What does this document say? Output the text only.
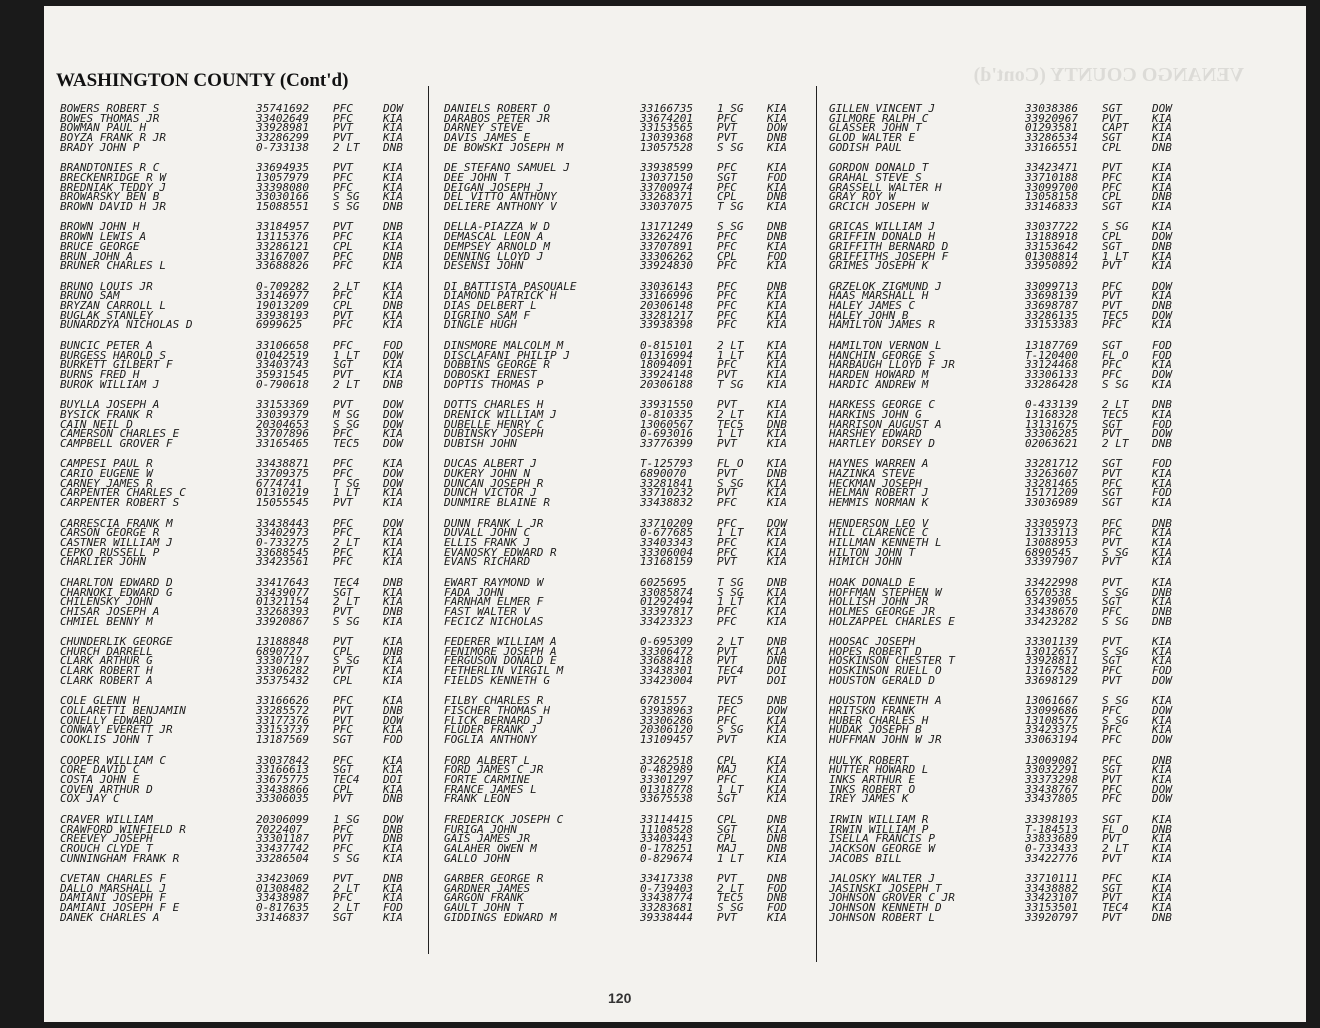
VENANGO COUNTY (Cont'd)
WASHINGTON COUNTY (Cont'd)
BOWERS ROBERT S	35741692	PFC	DOW
BOWES THOMAS JR	33402649	PFC	KIA
BOWMAN PAUL H	33928981	PVT	KIA
BOYZA FRANK R JR	33286299	PVT	KIA
BRADY JOHN P	0-733138	2 LT	DNB
BRANDTONIES R C	33694935	PVT	KIA
BRECKENRIDGE R W	13057979	PFC	KIA
BREDNIAK TEDDY J	33398080	PFC	KIA
BROWARSKY BEN B	33030166	S SG	KIA
BROWN DAVID H JR	15088551	S SG	DNB
BROWN JOHN H	33184957	PVT	DNB
BROWN LEWIS A	13115376	PFC	KIA
BRUCE GEORGE	33286121	CPL	KIA
BRUN JOHN A	33167007	PFC	DNB
BRUNER CHARLES L	33688826	PFC	KIA
BRUNO LOUIS JR	0-709282	2 LT	KIA
BRUNO SAM	33146977	PFC	KIA
BRYZAN CARROLL L	19013209	CPL	DNB
BUGLAK STANLEY	33938193	PVT	KIA
BUNARDZYA NICHOLAS D	6999625	PFC	KIA
BUNCIC PETER A	33106658	PFC	FOD
BURGESS HAROLD S	01042519	1 LT	DOW
BURKETT GILBERT F	33403743	SGT	KIA
BURNS FRED H	35931545	PVT	KIA
BUROK WILLIAM J	0-790618	2 LT	DNB
BUYLLA JOSEPH A	33153369	PVT	DOW
BYSICK FRANK R	33039379	M SG	DOW
CAIN NEIL D	20304653	S SG	DOW
CAMERSON CHARLES E	33707896	PFC	KIA
CAMPBELL GROVER F	33165465	TEC5	DOW
CAMPESI PAUL R	33438871	PFC	KIA
CARIO EUGENE W	33709375	PFC	DOW
CARNEY JAMES R	6774741	T SG	DOW
CARPENTER CHARLES C	01310219	1 LT	KIA
CARPENTER ROBERT S	15055545	PVT	KIA
CARRESCIA FRANK M	33438443	PFC	DOW
CARSON GEORGE R	33402973	PFC	KIA
CASTNER WILLIAM J	0-733275	2 LT	KIA
CEPKO RUSSELL P	33688545	PFC	KIA
CHARLIER JOHN	33423561	PFC	KIA
CHARLTON EDWARD D	33417643	TEC4	DNB
CHARNOKI EDWARD G	33439077	SGT	KIA
CHILENSKY JOHN	01321154	2 LT	KIA
CHISAR JOSEPH A	33268393	PVT	DNB
CHMIEL BENNY M	33920867	S SG	KIA
CHUNDERLIK GEORGE	13188848	PVT	KIA
CHURCH DARRELL	6890727	CPL	DNB
CLARK ARTHUR G	33307197	S SG	KIA
CLARK ROBERT H	33306282	PVT	KIA
CLARK ROBERT A	35375432	CPL	KIA
COLE GLENN H	33166626	PFC	KIA
COLLARETTI BENJAMIN	33285572	PVT	DNB
CONELLY EDWARD	33177376	PVT	DOW
CONWAY EVERETT JR	33153737	PFC	KIA
COOKLIS JOHN T	13187569	SGT	FOD
COOPER WILLIAM C	33037842	PFC	KIA
CORE DAVID C	33166613	SGT	KIA
COSTA JOHN E	33675775	TEC4	DOI
COVEN ARTHUR D	33438866	CPL	KIA
COX JAY C	33306035	PVT	DNB
CRAVER WILLIAM	20306099	1 SG	DOW
CRAWFORD WINFIELD R	7022407	PFC	DNB
CREEVEY JOSEPH	33301187	PVT	DNB
CROUCH CLYDE T	33437742	PFC	KIA
CUNNINGHAM FRANK R	33286504	S SG	KIA
CVETAN CHARLES F	33423069	PVT	DNB
DALLO MARSHALL J	01308482	2 LT	KIA
DAMIANI JOSEPH F	33438987	PFC	KIA
DAMIANI JOSEPH F E	0-817635	2 LT	FOD
DANEK CHARLES A	33146837	SGT	KIA
DANIELS ROBERT O	33166735	1 SG	KIA
DARABOS PETER JR	33674201	PFC	KIA
DARNEY STEVE	33153565	PVT	DOW
DAVIS JAMES E	13039368	PVT	DNB
DE BOWSKI JOSEPH M	13057528	S SG	KIA
DE STEFANO SAMUEL J	33938599	PFC	KIA
DEE JOHN T	13037150	SGT	FOD
DEIGAN JOSEPH J	33700974	PFC	KIA
DEL VITTO ANTHONY	33268371	CPL	DNB
DELIERE ANTHONY V	33037075	T SG	KIA
DELLA-PIAZZA W D	13171249	S SG	DNB
DEMASCAL LEON A	33262476	PFC	DNB
DEMPSEY ARNOLD M	33707891	PFC	KIA
DENNING LLOYD J	33306262	CPL	FOD
DESENSI JOHN	33924830	PFC	KIA
DI BATTISTA PASQUALE	33036143	PFC	DNB
DIAMOND PATRICK H	33166996	PFC	KIA
DIAS DELBERT L	20306148	PFC	KIA
DIGRINO SAM F	33281217	PFC	KIA
DINGLE HUGH	33938398	PFC	KIA
DINSMORE MALCOLM M	0-815101	2 LT	KIA
DISCLAFANI PHILIP J	01316994	1 LT	KIA
DOBBINS GEORGE R	18094091	PFC	KIA
DOBOSKI ERNEST	33924148	PVT	KIA
DOPTIS THOMAS P	20306188	T SG	KIA
DOTTS CHARLES H	33931550	PVT	KIA
DRENICK WILLIAM J	0-810335	2 LT	KIA
DUBELLE HENRY C	13060567	TEC5	DNB
DUBINSKY JOSEPH	0-693016	1 LT	KIA
DUBISH JOHN	33776399	PVT	KIA
DUCAS ALBERT J	T-125793	FL O	KIA
DUKERY JOHN N	6890070	PVT	DNB
DUNCAN JOSEPH R	33281841	S SG	KIA
DUNCH VICTOR J	33710232	PVT	KIA
DUNMIRE BLAINE R	33438832	PFC	KIA
DUNN FRANK L JR	33710209	PFC	DOW
DUVALL JOHN C	0-677685	1 LT	KIA
ELLIS FRANK J	33403343	PFC	KIA
EVANOSKY EDWARD R	33306004	PFC	KIA
EVANS RICHARD	13168159	PVT	KIA
EWART RAYMOND W	6025695	T SG	DNB
FADA JOHN	33085874	S SG	KIA
FARNHAM ELMER F	01292494	1 LT	KIA
FAST WALTER V	33397817	PFC	KIA
FECICZ NICHOLAS	33423323	PFC	KIA
FEDERER WILLIAM A	0-695309	2 LT	DNB
FENIMORE JOSEPH A	33306472	PVT	KIA
FERGUSON DONALD E	33688418	PVT	DNB
FETHERLIN VIRGIL M	33438301	TEC4	DOI
FIELDS KENNETH G	33423004	PVT	DOI
FILBY CHARLES R	6781557	TEC5	DNB
FISCHER THOMAS H	33938963	PFC	DOW
FLICK BERNARD J	33306286	PFC	KIA
FLUDER FRANK J	20306120	S SG	KIA
FOGLIA ANTHONY	13109457	PVT	KIA
FORD ALBERT L	33262518	CPL	KIA
FORD JAMES C JR	0-482989	MAJ	KIA
FORTE CARMINE	33301297	PFC	KIA
FRANCE JAMES L	01318778	1 LT	KIA
FRANK LEON	33675538	SGT	KIA
FREDERICK JOSEPH C	33114415	CPL	DNB
FURIGA JOHN	11108528	SGT	KIA
GAIS JAMES JR	33403443	CPL	DNB
GALAHER OWEN M	0-178251	MAJ	DNB
GALLO JOHN	0-829674	1 LT	KIA
GARBER GEORGE R	33417338	PVT	DNB
GARDNER JAMES	0-739403	2 LT	FOD
GARGON FRANK	33438774	TEC5	DNB
GAULT JOHN T	33283681	S SG	FOD
GIDDINGS EDWARD M	39338444	PVT	KIA
GILLEN VINCENT J	33038386	SGT	DOW
GILMORE RALPH C	33920967	PVT	KIA
GLASSER JOHN T	01293581	CAPT	KIA
GLOD WALTER E	33286534	SGT	KIA
GODISH PAUL	33166551	CPL	DNB
GORDON DONALD T	33423471	PVT	KIA
GRAHAL STEVE S	33710188	PFC	KIA
GRASSELL WALTER H	33099700	PFC	KIA
GRAY ROY W	13058158	CPL	DNB
GRCICH JOSEPH W	33146833	SGT	KIA
GRICAS WILLIAM J	33037722	S SG	KIA
GRIFFIN DONALD H	13188918	CPL	DOW
GRIFFITH BERNARD D	33153642	SGT	DNB
GRIFFITHS JOSEPH F	01308814	1 LT	KIA
GRIMES JOSEPH K	33950892	PVT	KIA
GRZELOK ZIGMUND J	33099713	PFC	DOW
HAAS MARSHALL H	33698139	PVT	KIA
HALEY JAMES C	33698787	PVT	DNB
HALEY JOHN B	33286135	TEC5	DOW
HAMILTON JAMES R	33153383	PFC	KIA
HAMILTON VERNON L	13187769	SGT	FOD
HANCHIN GEORGE S	T-120400	FL O	FOD
HARBAUGH LLOYD F JR	33124468	PFC	KIA
HARDEN HOWARD M	33306133	PFC	DOW
HARDIC ANDREW M	33286428	S SG	KIA
HARKESS GEORGE C	0-433139	2 LT	DNB
HARKINS JOHN G	13168328	TEC5	KIA
HARRISON AUGUST A	13131675	SGT	FOD
HARSHEY EDWARD	33306285	PVT	DOW
HARTLEY DORSEY D	02063621	2 LT	DNB
HAYNES WARREN A	33281712	SGT	FOD
HAZINKA STEVE	33263607	PVT	KIA
HECKMAN JOSEPH	33281465	PFC	KIA
HELMAN ROBERT J	15171209	SGT	FOD
HEMMIS NORMAN K	33036989	SGT	KIA
HENDERSON LEO V	33305973	PFC	DNB
HILL CLARENCE C	13133113	PFC	KIA
HILLMAN KENNETH L	13088953	PVT	KIA
HILTON JOHN T	6890545	S SG	KIA
HIMICH JOHN	33397907	PVT	KIA
HOAK DONALD E	33422998	PVT	KIA
HOFFMAN STEPHEN W	6570538	S SG	DNB
HOLLISH JOHN JR	33439055	SGT	KIA
HOLMES GEORGE JR	33438670	PFC	DNB
HOLZAPPEL CHARLES E	33423282	S SG	DNB
HOOSAC JOSEPH	33301139	PVT	KIA
HOPES ROBERT D	13012657	S SG	KIA
HOSKINSON CHESTER T	33928811	SGT	KIA
HOSKINSON RUELL O	13167582	PFC	FOD
HOUSTON GERALD D	33698129	PVT	DOW
HOUSTON KENNETH A	13061667	S SG	KIA
HRITSKO FRANK	33099686	PFC	DOW
HUBER CHARLES H	13108577	S SG	KIA
HUDAK JOSEPH B	33423375	PFC	KIA
HUFFMAN JOHN W JR	33063194	PFC	DOW
HULYK ROBERT	13009082	PFC	DNB
HUTTER HOWARD L	33032291	SGT	KIA
INKS ARTHUR E	33373298	PVT	KIA
INKS ROBERT O	33438767	PFC	DOW
IREY JAMES K	33437805	PFC	DOW
IRWIN WILLIAM R	33398193	SGT	KIA
IRWIN WILLIAM P	T-184513	FL O	DNB
ISELLA FRANCIS P	33833689	PVT	KIA
JACKSON GEORGE W	0-733433	2 LT	KIA
JACOBS BILL	33422776	PVT	KIA
JALOSKY WALTER J	33710111	PFC	KIA
JASINSKI JOSEPH T	33438882	SGT	KIA
JOHNSON GROVER C JR	33423107	PVT	KIA
JOHNSON KENNETH D	33153501	TEC4	KIA
JOHNSON ROBERT L	33920797	PVT	DNB

120
